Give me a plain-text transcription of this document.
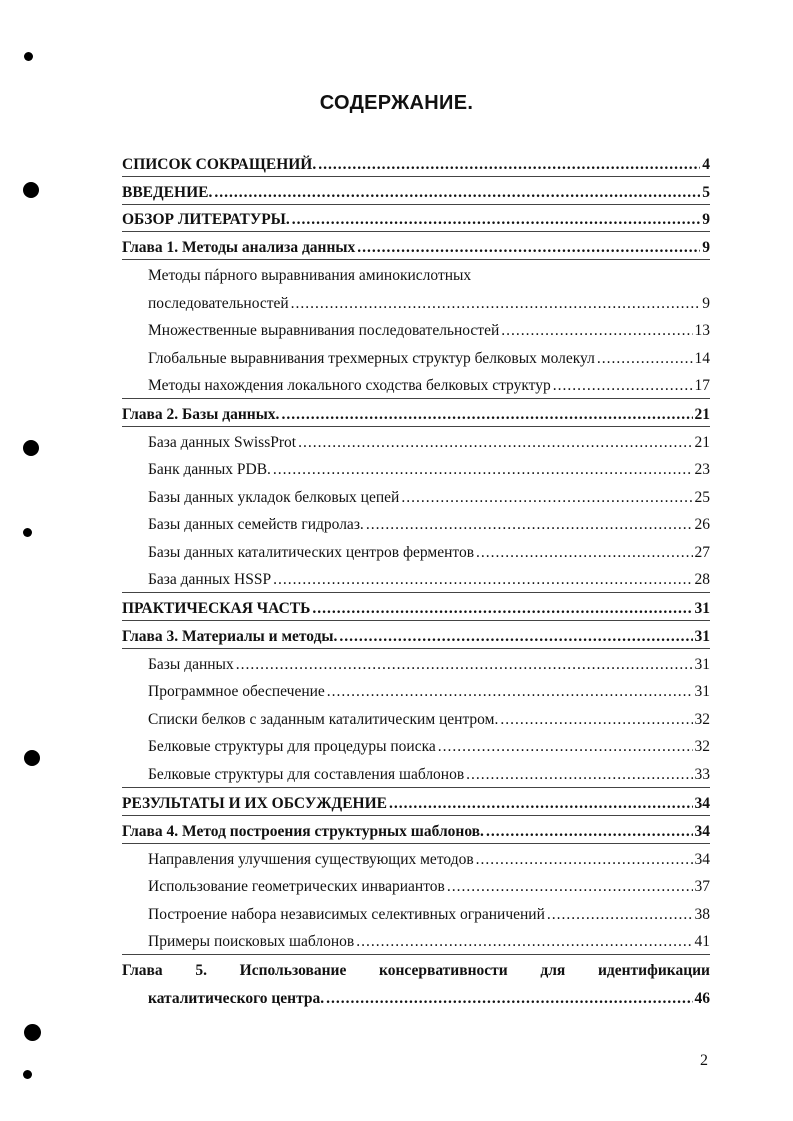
СОДЕРЖАНИЕ.
СПИСОК СОКРАЩЕНИЙ. .....	4
ВВЕДЕНИЕ. .....	5
ОБЗОР ЛИТЕРАТУРЫ. .....	9
Глава 1. Методы анализа данных .....	9
Методы пáрного выравнивания аминокислотных
последовательностей .....	9
Множественные выравнивания последовательностей .....	13
Глобальные выравнивания трехмерных структур белковых молекул .....	14
Методы нахождения локального сходства белковых структур .....	17
Глава 2. Базы данных. .....	21
База данных SwissProt .....	21
Банк данных PDB. .....	23
Базы данных укладок белковых цепей .....	25
Базы данных семейств гидролаз. .....	26
Базы данных каталитических центров ферментов .....	27
База данных HSSP .....	28
ПРАКТИЧЕСКАЯ ЧАСТЬ .....	31
Глава 3. Материалы и методы. .....	31
Базы данных .....	31
Программное обеспечение .....	31
Списки белков с заданным каталитическим центром. .....	32
Белковые структуры для процедуры поиска .....	32
Белковые структуры для составления шаблонов .....	33
РЕЗУЛЬТАТЫ И ИХ ОБСУЖДЕНИЕ .....	34
Глава 4. Метод построения структурных шаблонов. .....	34
Направления улучшения существующих методов .....	34
Использование геометрических инвариантов .....	37
Построение набора независимых селективных ограничений .....	38
Примеры поисковых шаблонов .....	41
Глава 5. Использование консервативности для идентификации
каталитического центра. .....	46
2
